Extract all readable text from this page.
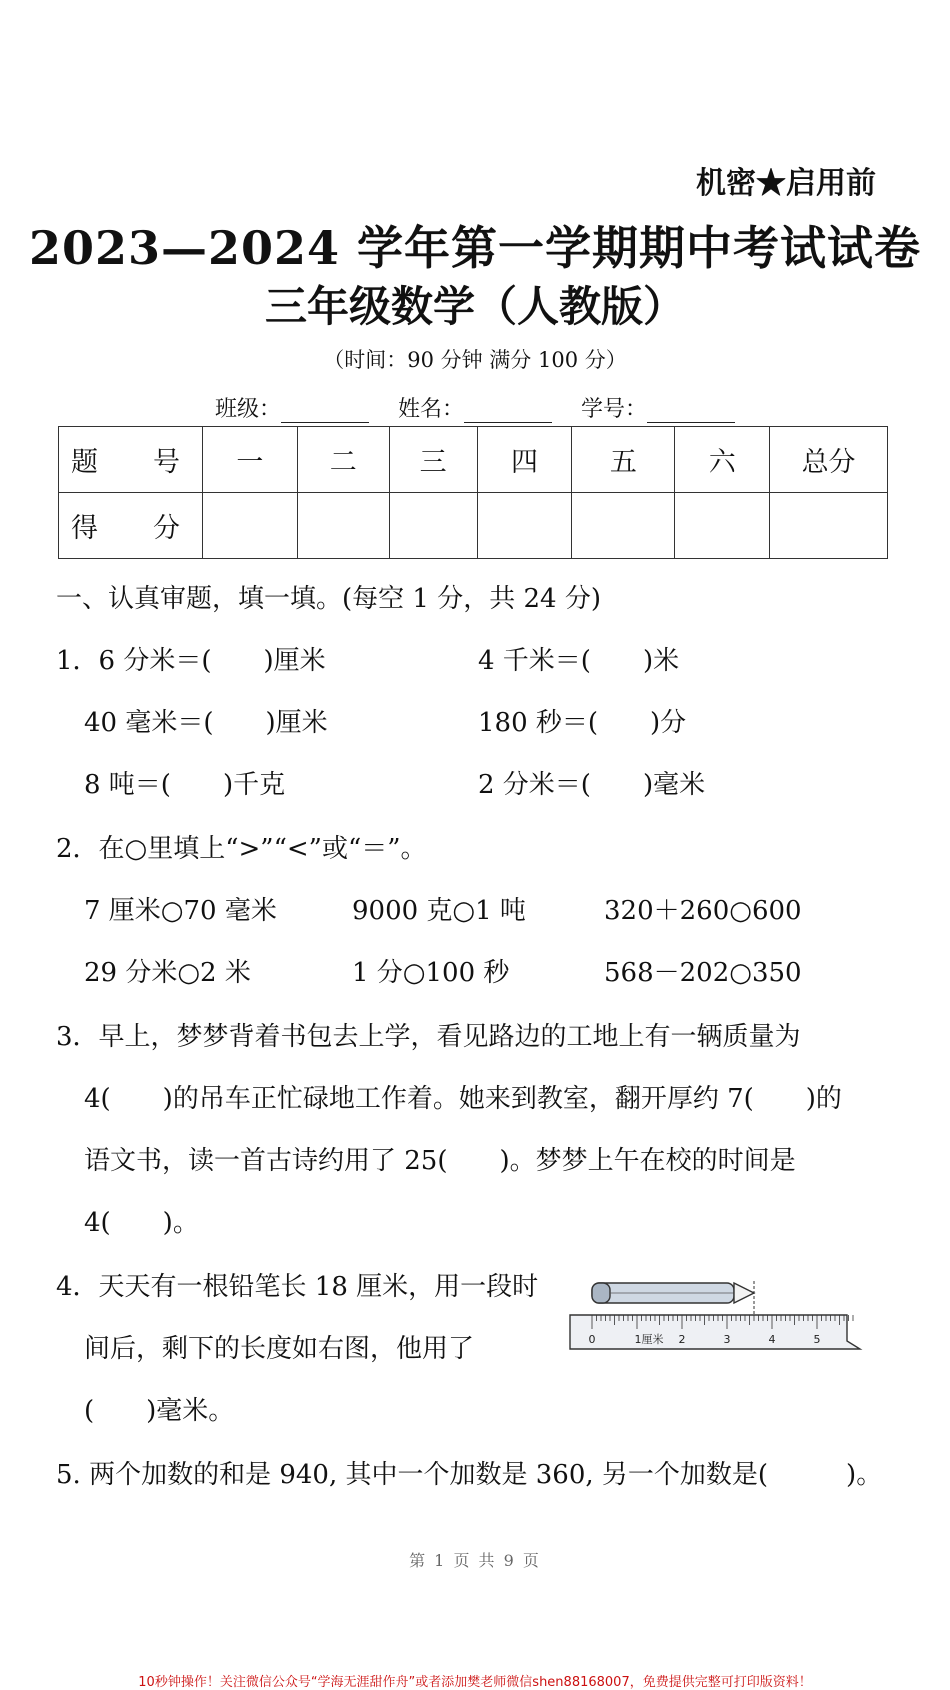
机密★启用前
2023—2024 学年第一学期期中考试试卷
三年级数学（人教版）
（时间：90 分钟 满分 100 分）
班级：	姓名：	学号：
题　号	一	二	三	四	五	六	总分
得　分							
一、认真审题，填一填。(每空 1 分，共 24 分)
1．6 分米＝(　　)厘米	4 千米＝(　　)米
40 毫米＝(　　)厘米	180 秒＝(　　)分
8 吨＝(　　)千克	2 分米＝(　　)毫米
2．在○里填上“>”“<”或“＝”。
7 厘米○70 毫米	9000 克○1 吨	320＋260○600
29 分米○2 米	1 分○100 秒	568－202○350
3．早上，梦梦背着书包去上学，看见路边的工地上有一辆质量为
4(　　)的吊车正忙碌地工作着。她来到教室，翻开厚约 7(　　)的
语文书，读一首古诗约用了 25(　　)。梦梦上午在校的时间是
4(　　)。
4．天天有一根铅笔长 18 厘米，用一段时
间后，剩下的长度如右图，他用了
(　　)毫米。
0	1厘米 2	3	4	5
5. 两个加数的和是 940, 其中一个加数是 360, 另一个加数是(　　　)。
第 1 页 共 9 页
10秒钟操作！关注微信公众号“学海无涯甜作舟”或者添加樊老师微信shen88168007，免费提供完整可打印版资料！
